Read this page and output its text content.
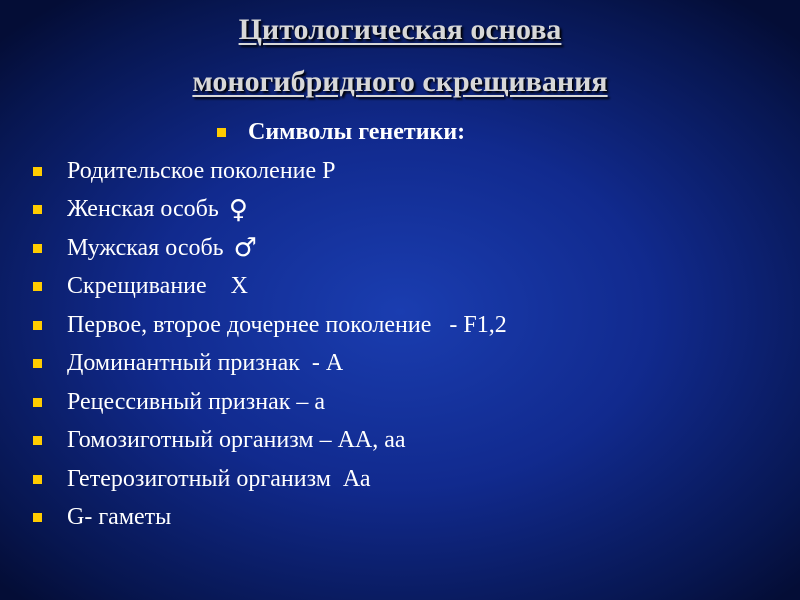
Цитологическая основа
моногибридного скрещивания
Символы генетики:
Родительское поколение Р
Женская особь ♀
Мужская особь ♂
Скрещивание    Х
Первое, второе дочернее поколение   - F1,2
Доминантный признак  - А
Рецессивный признак – а
Гомозиготный организм – АА, аа
Гетерозиготный организм  Аа
G- гаметы
